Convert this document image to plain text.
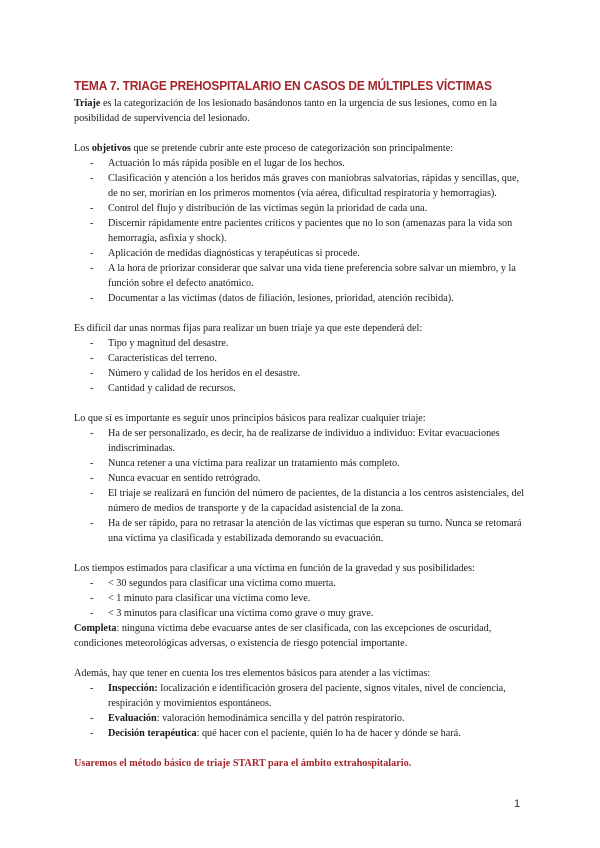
TEMA 7. TRIAGE PREHOSPITALARIO EN CASOS DE MÚLTIPLES VÍCTIMAS

Triaje es la categorización de los lesionado basándonos tanto en la urgencia de sus lesiones, como en la posibilidad de supervivencia del lesionado.

Los objetivos que se pretende cubrir ante este proceso de categorización son principalmente:

- Actuación lo más rápida posible en el lugar de los hechos.
- Clasificación y atención a los heridos más graves con maniobras salvatorias, rápidas y sencillas, que, de no ser, morirían en los primeros momentos (vía aérea, dificultad respiratoria y hemorragias).
- Control del flujo y distribución de las víctimas según la prioridad de cada una.
- Discernir rápidamente entre pacientes críticos y pacientes que no lo son (amenazas para la vida son hemorragia, asfixia y shock).
- Aplicación de medidas diagnósticas y terapéuticas si procede.
- A la hora de priorizar considerar que salvar una vida tiene preferencia sobre salvar un miembro, y la función sobre el defecto anatómico.
- Documentar a las víctimas (datos de filiación, lesiones, prioridad, atención recibida).

Es difícil dar unas normas fijas para realizar un buen triaje ya que este dependerá del:

- Tipo y magnitud del desastre.
- Características del terreno.
- Número y calidad de los heridos en el desastre.
- Cantidad y calidad de recursos.

Lo que sí es importante es seguir unos principios básicos para realizar cualquier triaje:

- Ha de ser personalizado, es decir, ha de realizarse de individuo a individuo: Evitar evacuaciones indiscriminadas.
- Nunca retener a una víctima para realizar un tratamiento más completo.
- Nunca evacuar en sentido retrógrado.
- El triaje se realizará en función del número de pacientes, de la distancia a los centros asistenciales, del número de medios de transporte y de la capacidad asistencial de la zona.
- Ha de ser rápido, para no retrasar la atención de las víctimas que esperan su turno. Nunca se retomará una víctima ya clasificada y estabilizada demorando su evacuación.

Los tiempos estimados para clasificar a una víctima en función de la gravedad y sus posibilidades:

- < 30 segundos para clasificar una víctima como muerta.
- < 1 minuto para clasificar una víctima como leve.
- < 3 minutos para clasificar una víctima como grave o muy grave.

Completa: ninguna víctima debe evacuarse antes de ser clasificada, con las excepciones de oscuridad, condiciones meteorológicas adversas, o existencia de riesgo potencial importante.

Además, hay que tener en cuenta los tres elementos básicos para atender a las víctimas:

- Inspección: localización e identificación grosera del paciente, signos vitales, nivel de conciencia, respiración y movimientos espontáneos.
- Evaluación: valoración hemodinámica sencilla y del patrón respiratorio.
- Decisión terapéutica: qué hacer con el paciente, quién lo ha de hacer y dónde se hará.

Usaremos el método básico de triaje START para el ámbito extrahospitalario.

1
